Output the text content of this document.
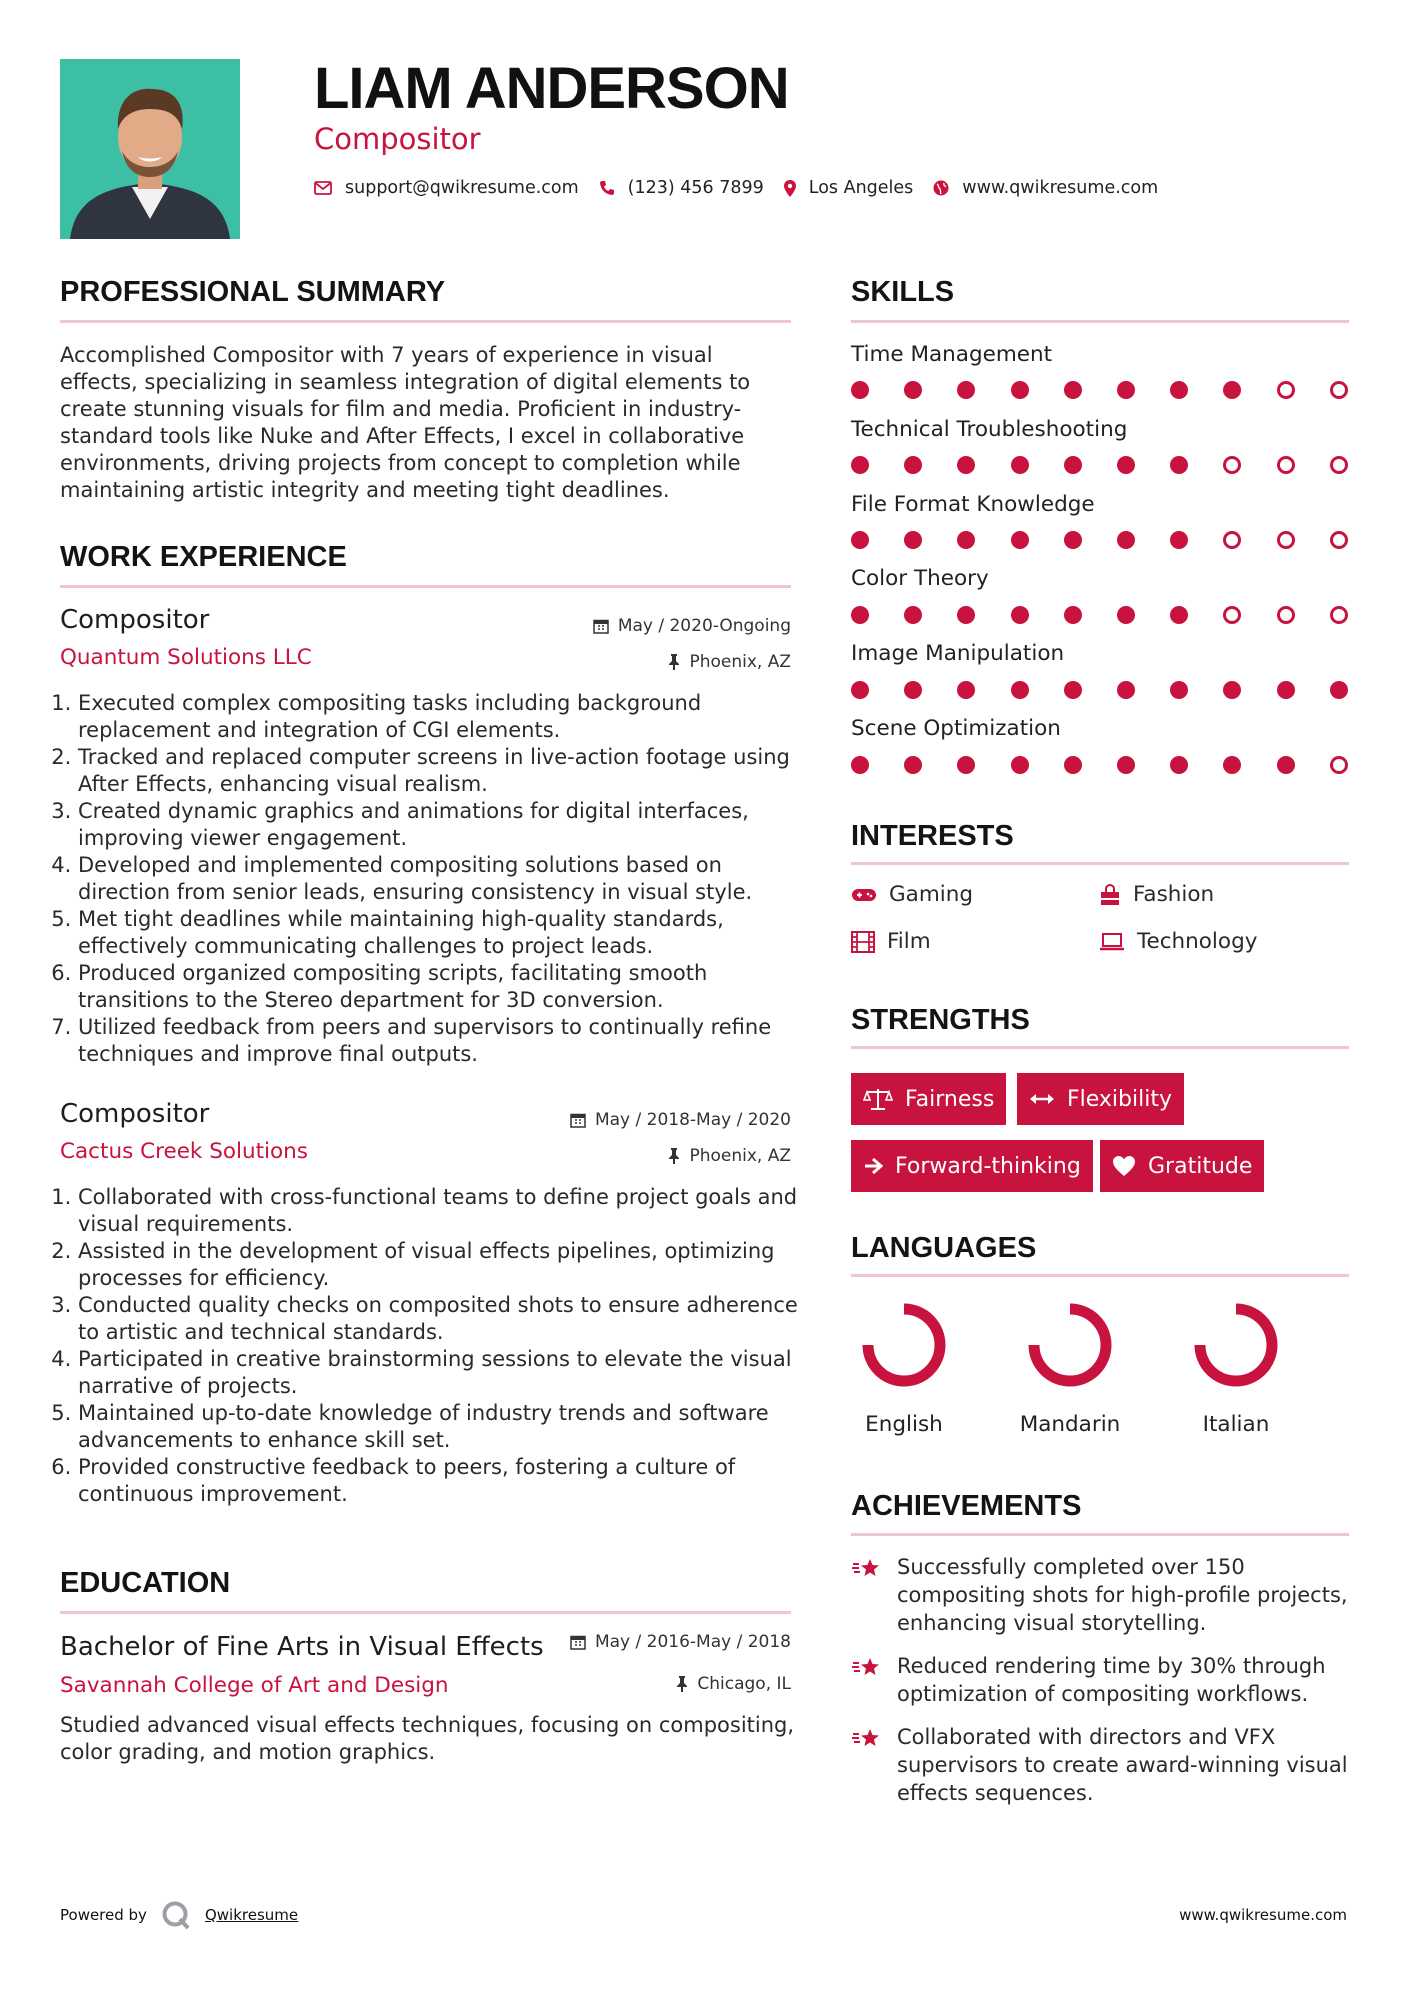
LIAM ANDERSON
Compositor
support@qwikresume.com	(123) 456 7899	Los Angeles	www.qwikresume.com
PROFESSIONAL SUMMARY

Accomplished Compositor with 7 years of experience in visual effects, specializing in seamless integration of digital elements to create stunning visuals for film and media. Proficient in industry-standard tools like Nuke and After Effects, I excel in collaborative environments, driving projects from concept to completion while maintaining artistic integrity and meeting tight deadlines.

WORK EXPERIENCE
Compositor
Quantum Solutions LLC
May / 2020-Ongoing
Phoenix, AZ
1. Executed complex compositing tasks including background replacement and integration of CGI elements.
2. Tracked and replaced computer screens in live-action footage using After Effects, enhancing visual realism.
3. Created dynamic graphics and animations for digital interfaces, improving viewer engagement.
4. Developed and implemented compositing solutions based on direction from senior leads, ensuring consistency in visual style.
5. Met tight deadlines while maintaining high-quality standards, effectively communicating challenges to project leads.
6. Produced organized compositing scripts, facilitating smooth transitions to the Stereo department for 3D conversion.
7. Utilized feedback from peers and supervisors to continually refine techniques and improve final outputs.
Compositor
Cactus Creek Solutions
May / 2018-May / 2020
Phoenix, AZ
1. Collaborated with cross-functional teams to define project goals and visual requirements.
2. Assisted in the development of visual effects pipelines, optimizing processes for efficiency.
3. Conducted quality checks on composited shots to ensure adherence to artistic and technical standards.
4. Participated in creative brainstorming sessions to elevate the visual narrative of projects.
5. Maintained up-to-date knowledge of industry trends and software advancements to enhance skill set.
6. Provided constructive feedback to peers, fostering a culture of continuous improvement.
EDUCATION
Bachelor of Fine Arts in Visual Effects
Savannah College of Art and Design
May / 2016-May / 2018
Chicago, IL

Studied advanced visual effects techniques, focusing on compositing, color grading, and motion graphics.

SKILLS
Time Management
Technical Troubleshooting
File Format Knowledge
Color Theory
Image Manipulation
Scene Optimization
INTERESTS
Gaming	Fashion
Film	Technology
STRENGTHS
Fairness	Flexibility
Forward-thinking	Gratitude
LANGUAGES
English	Mandarin	Italian
ACHIEVEMENTS
Successfully completed over 150 compositing shots for high-profile projects, enhancing visual storytelling.
Reduced rendering time by 30% through optimization of compositing workflows.
Collaborated with directors and VFX supervisors to create award-winning visual effects sequences.
Powered by	Qwikresume	www.qwikresume.com
